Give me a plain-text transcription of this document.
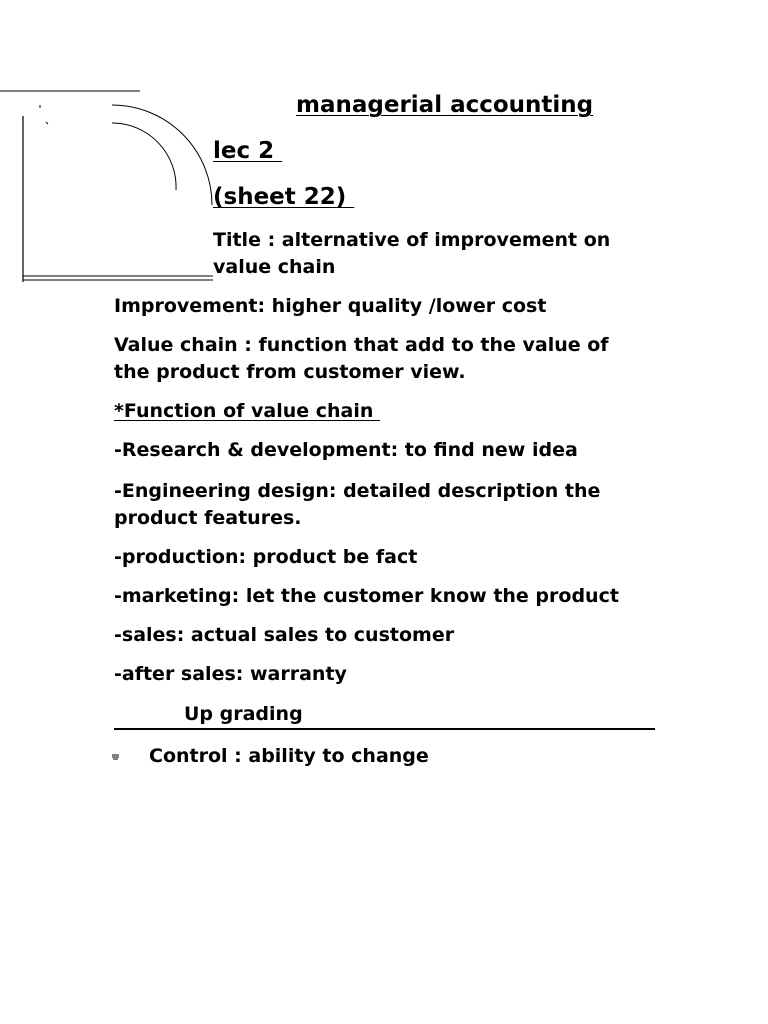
managerial accounting

lec 2

(sheet 22)

Title : alternative of improvement on

value chain

Improvement: higher quality /lower cost

Value chain : function that add to the value of

the product from customer view.

*Function of value chain

-Research & development: to find new idea

-Engineering design: detailed description the

product features.

-production: product be fact

-marketing: let the customer know the product

-sales: actual sales to customer

-after sales: warranty

Up grading

Control : ability to change
